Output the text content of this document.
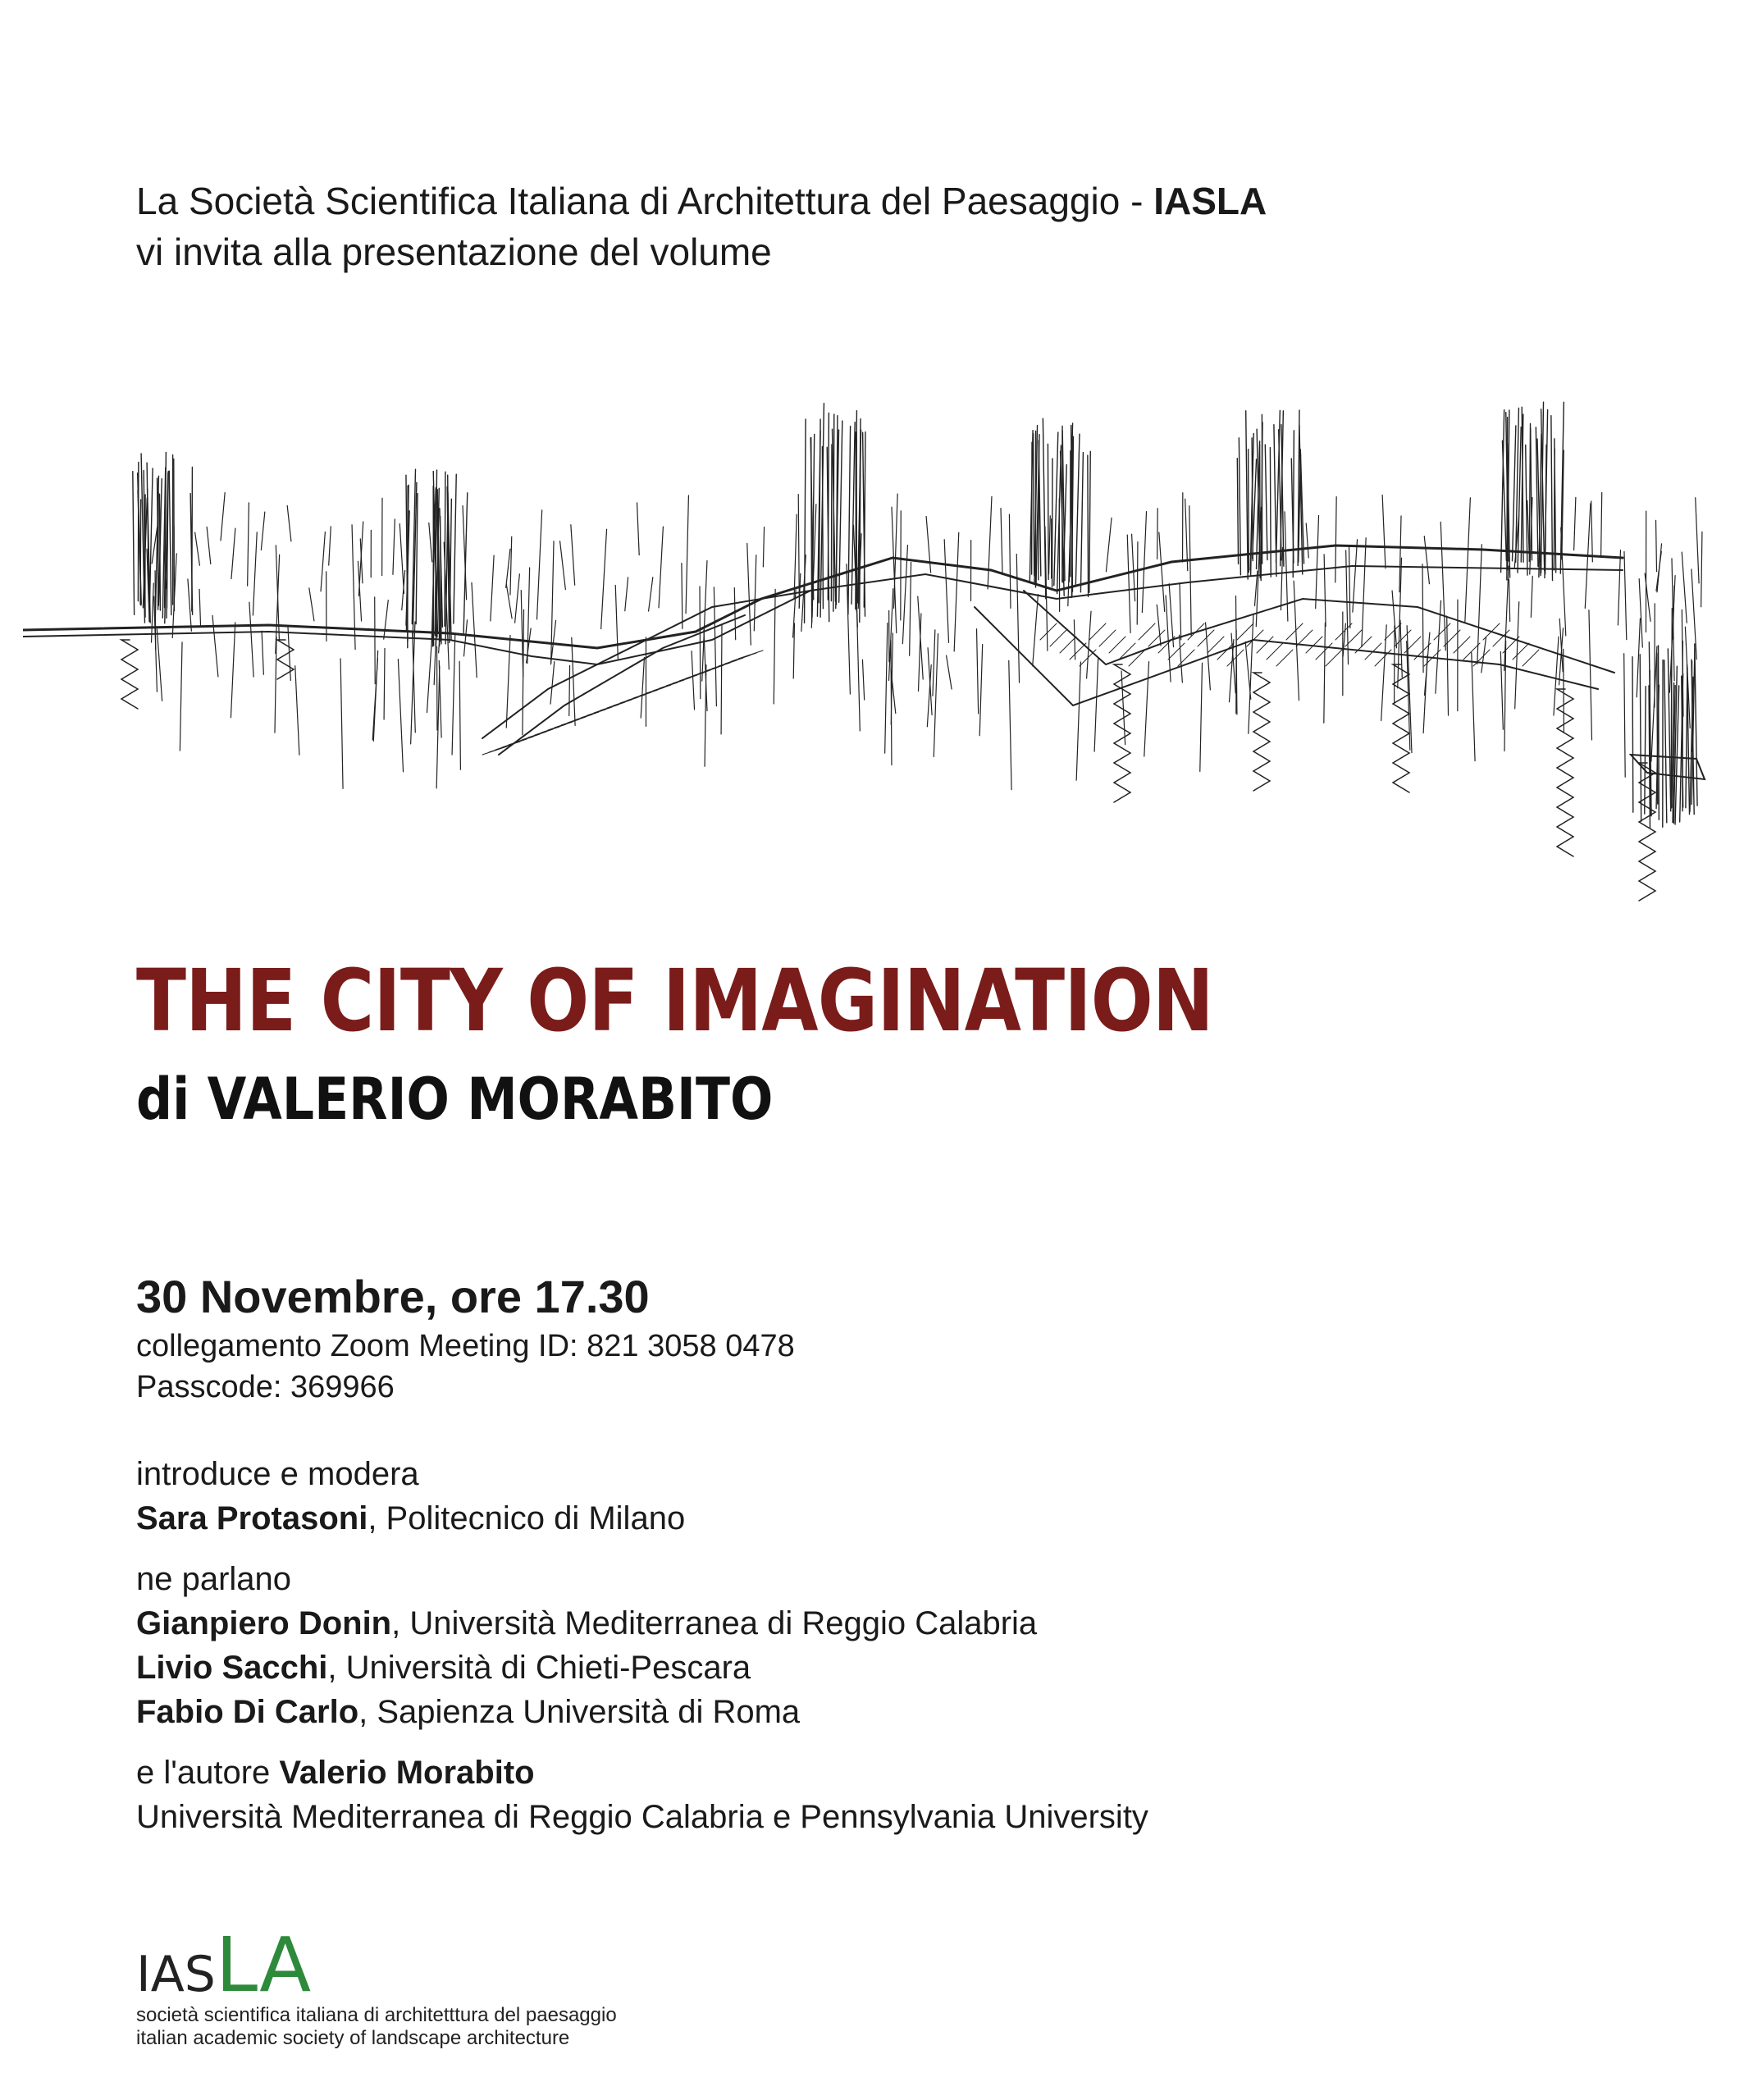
La Società Scientifica Italiana di Architettura del Paesaggio - IASLA
vi invita alla presentazione del volume
THE CITY OF IMAGINATION
di VALERIO MORABITO
30 Novembre, ore 17.30
collegamento Zoom Meeting ID: 821 3058 0478
Passcode: 369966
introduce e modera
Sara Protasoni, Politecnico di Milano
ne parlano
Gianpiero Donin, Università Mediterranea di Reggio Calabria
Livio Sacchi, Università di Chieti-Pescara
Fabio Di Carlo, Sapienza Università di Roma
e l'autore Valerio Morabito
Università Mediterranea di Reggio Calabria e Pennsylvania University
IASLA
società scientifica italiana di architetttura del paesaggio
italian academic society of landscape architecture
